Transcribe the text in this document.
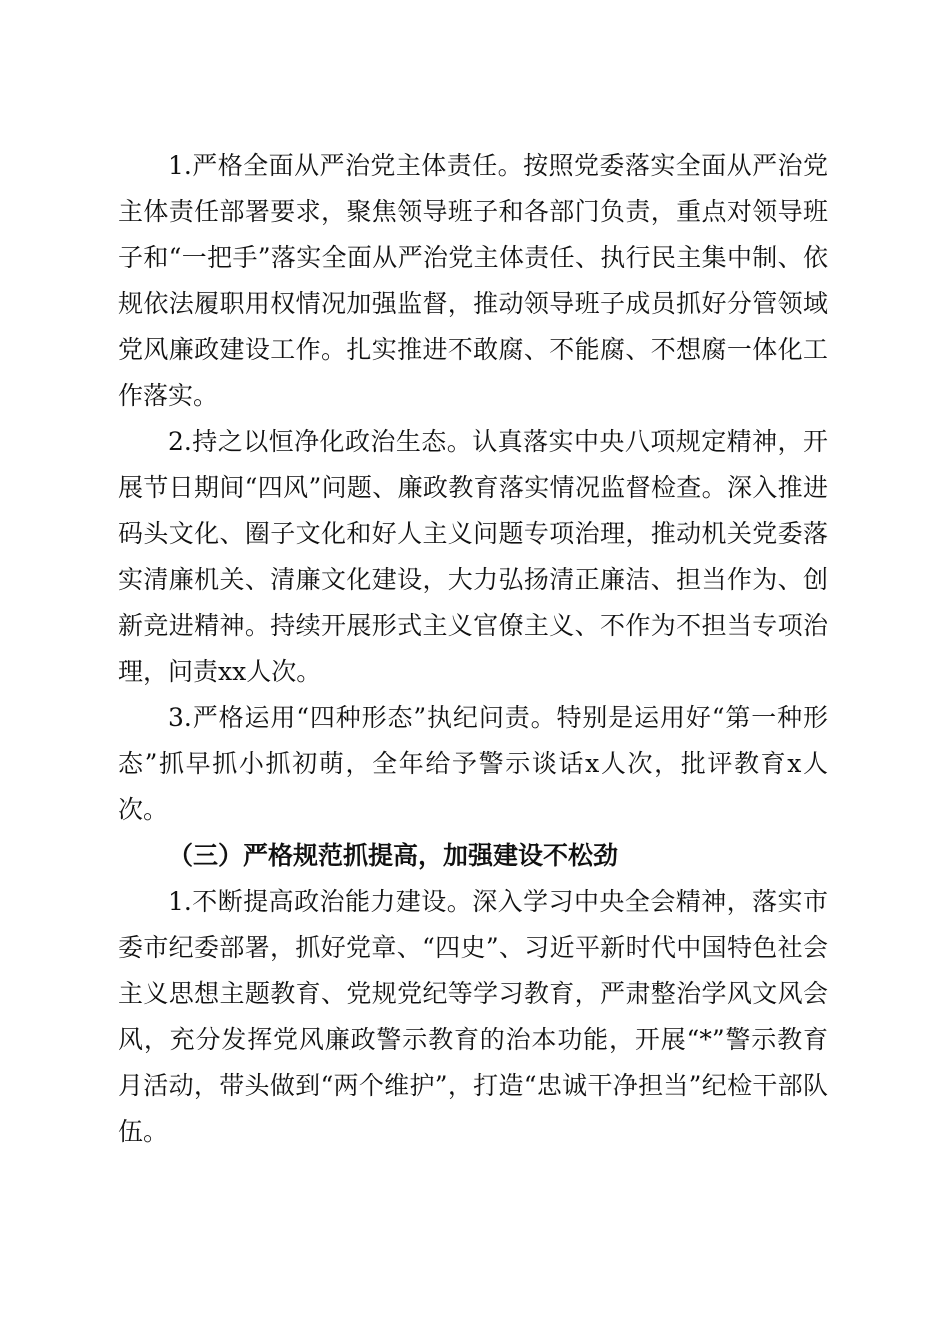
1.严格全面从严治党主体责任。按照党委落实全面从严治党主体责任部署要求，聚焦领导班子和各部门负责，重点对领导班子和“一把手”落实全面从严治党主体责任、执行民主集中制、依规依法履职用权情况加强监督，推动领导班子成员抓好分管领域党风廉政建设工作。扎实推进不敢腐、不能腐、不想腐一体化工作落实。

2.持之以恒净化政治生态。认真落实中央八项规定精神，开展节日期间“四风”问题、廉政教育落实情况监督检查。深入推进码头文化、圈子文化和好人主义问题专项治理，推动机关党委落实清廉机关、清廉文化建设，大力弘扬清正廉洁、担当作为、创新竞进精神。持续开展形式主义官僚主义、不作为不担当专项治理，问责xx人次。

3.严格运用“四种形态”执纪问责。特别是运用好“第一种形态”抓早抓小抓初萌，全年给予警示谈话x人次，批评教育x人次。

（三）严格规范抓提高，加强建设不松劲

1.不断提高政治能力建设。深入学习中央全会精神，落实市委市纪委部署，抓好党章、“四史”、习近平新时代中国特色社会主义思想主题教育、党规党纪等学习教育，严肃整治学风文风会风，充分发挥党风廉政警示教育的治本功能，开展“*”警示教育月活动，带头做到“两个维护”，打造“忠诚干净担当”纪检干部队伍。
